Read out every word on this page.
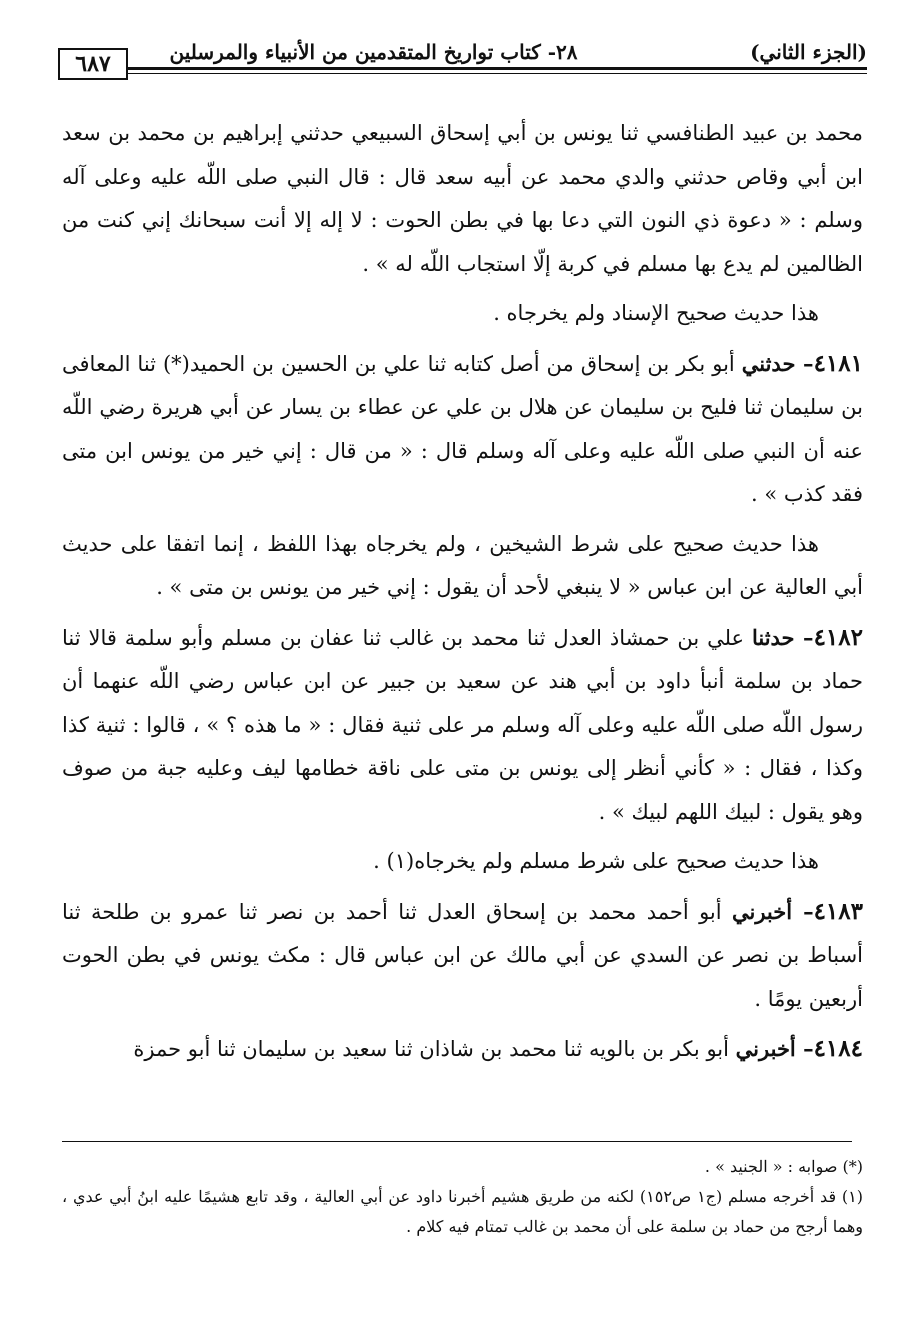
(الجزء الثاني)
٢٨- كتاب تواريخ المتقدمين من الأنبياء والمرسلين
٦٨٧

محمد بن عبيد الطنافسي ثنا يونس بن أبي إسحاق السبيعي حدثني إبراهيم بن محمد بن سعد ابن أبي وقاص حدثني والدي محمد عن أبيه سعد قال : قال النبي صلى اللّه عليه وعلى آله وسلم : « دعوة ذي النون التي دعا بها في بطن الحوت : لا إله إلا أنت سبحانك إني كنت من الظالمين لم يدع بها مسلم في كربة إلّا استجاب اللّه له » .

هذا حديث صحيح الإسناد ولم يخرجاه .

٤١٨١– حدثني أبو بكر بن إسحاق من أصل كتابه ثنا علي بن الحسين بن الحميد(*) ثنا المعافى بن سليمان ثنا فليح بن سليمان عن هلال بن علي عن عطاء بن يسار عن أبي هريرة رضي اللّه عنه أن النبي صلى اللّه عليه وعلى آله وسلم قال : « من قال : إني خير من يونس ابن متى فقد كذب » .

هذا حديث صحيح على شرط الشيخين ، ولم يخرجاه بهذا اللفظ ، إنما اتفقا على حديث أبي العالية عن ابن عباس « لا ينبغي لأحد أن يقول : إني خير من يونس بن متى » .

٤١٨٢– حدثنا علي بن حمشاذ العدل ثنا محمد بن غالب ثنا عفان بن مسلم وأبو سلمة قالا ثنا حماد بن سلمة أنبأ داود بن أبي هند عن سعيد بن جبير عن ابن عباس رضي اللّه عنهما أن رسول اللّه صلى اللّه عليه وعلى آله وسلم مر على ثنية فقال : « ما هذه ؟ » ، قالوا : ثنية كذا وكذا ، فقال : « كأني أنظر إلى يونس بن متى على ناقة خطامها ليف وعليه جبة من صوف وهو يقول : لبيك اللهم لبيك » .

هذا حديث صحيح على شرط مسلم ولم يخرجاه(١) .

٤١٨٣– أخبرني أبو أحمد محمد بن إسحاق العدل ثنا أحمد بن نصر ثنا عمرو بن طلحة ثنا أسباط بن نصر عن السدي عن أبي مالك عن ابن عباس قال : مكث يونس في بطن الحوت أربعين يومًا .

٤١٨٤– أخبرني أبو بكر بن بالويه ثنا محمد بن شاذان ثنا سعيد بن سليمان ثنا أبو حمزة

(*) صوابه : « الجنيد » .

(١) قد أخرجه مسلم (ج١ ص١٥٢) لكنه من طريق هشيم أخبرنا داود عن أبي العالية ، وقد تابع هشيمًا عليه ابنُ أبي عدي ، وهما أرجح من حماد بن سلمة على أن محمد بن غالب تمتام فيه كلام .
